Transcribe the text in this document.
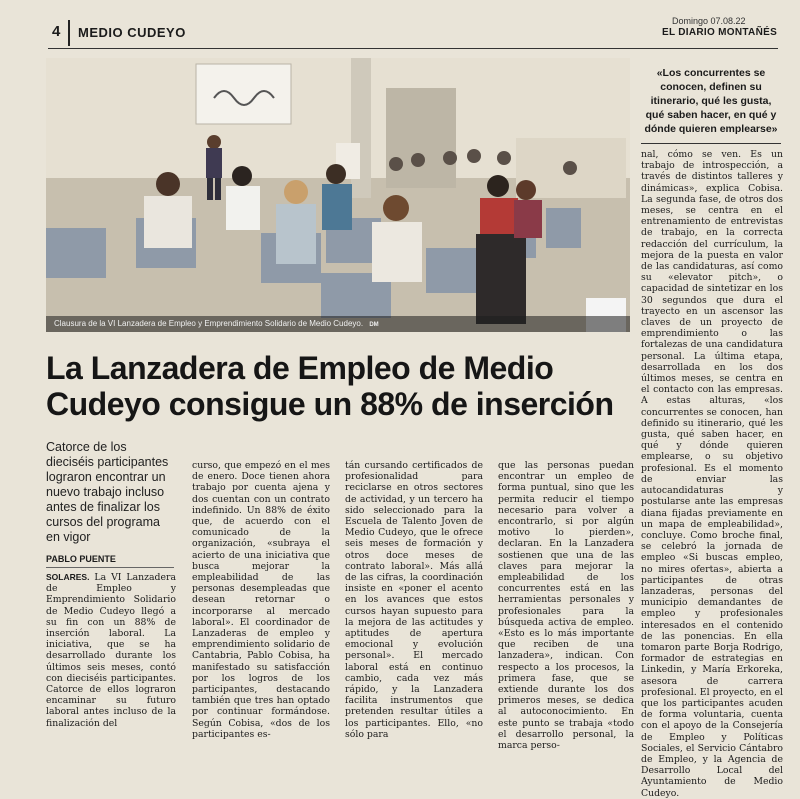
4 MEDIO CUDEYO
Domingo 07.08.22
EL DIARIO MONTAÑÉS
Clausura de la VI Lanzadera de Empleo y Emprendimiento Solidario de Medio Cudeyo. DM
«Los concurrentes se conocen, definen su itinerario, qué les gusta, qué saben hacer, en qué y dónde quieren emplearse»
La Lanzadera de Empleo de Medio Cudeyo consigue un 88% de inserción
Catorce de los dieciséis participantes lograron encontrar un nuevo trabajo incluso antes de finalizar los cursos del programa en vigor
PABLO PUENTE

SOLARES. La VI Lanzadera de Empleo y Emprendimiento Solidario de Medio Cudeyo llegó a su fin con un 88% de inserción laboral. La iniciativa, que se ha desarrollado durante los últimos seis meses, contó con dieciséis participantes. Catorce de ellos lograron encaminar su futuro laboral antes incluso de la finalización del

curso, que empezó en el mes de enero. Doce tienen ahora trabajo por cuenta ajena y dos cuentan con un contrato indefinido. Un 88% de éxito que, de acuerdo con el comunicado de la organización, «subraya el acierto de una iniciativa que busca mejorar la empleabilidad de las personas desempleadas que desean retornar o incorporarse al mercado laboral». El coordinador de Lanzaderas de empleo y emprendimiento solidario de Cantabria, Pablo Cobisa, ha manifestado su satisfacción por los logros de los participantes, destacando también que tres han optado por continuar formándose. Según Cobisa, «dos de los participantes es-

tán cursando certificados de profesionalidad para reciclarse en otros sectores de actividad, y un tercero ha sido seleccionado para la Escuela de Talento Joven de Medio Cudeyo, que le ofrece seis meses de formación y otros doce meses de contrato laboral». Más allá de las cifras, la coordinación insiste en «poner el acento en los avances que estos cursos hayan supuesto para la mejora de las actitudes y aptitudes de apertura emocional y evolución personal». El mercado laboral está en continuo cambio, cada vez más rápido, y la Lanzadera facilita instrumentos que pretenden resultar útiles a los participantes. Ello, «no sólo para

que las personas puedan encontrar un empleo de forma puntual, sino que les permita reducir el tiempo necesario para volver a encontrarlo, si por algún motivo lo pierden», declaran. En la Lanzadera sostienen que una de las claves para mejorar la empleabilidad de los concurrentes está en las herramientas personales y profesionales para la búsqueda activa de empleo. «Esto es lo más importante que reciben de una lanzadera», indican. Con respecto a los procesos, la primera fase, que se extiende durante los dos primeros meses, se dedica al autoconocimiento. En este punto se trabaja «todo el desarrollo personal, la marca perso-

nal, cómo se ven. Es un trabajo de introspección, a través de distintos talleres y dinámicas», explica Cobisa. La segunda fase, de otros dos meses, se centra en el entrenamiento de entrevistas de trabajo, en la correcta redacción del currículum, la mejora de la puesta en valor de las candidaturas, así como su «elevator pitch», o capacidad de sintetizar en los 30 segundos que dura el trayecto en un ascensor las claves de un proyecto de emprendimiento o las fortalezas de una candidatura personal. La última etapa, desarrollada en los dos últimos meses, se centra en el contacto con las empresas. A estas alturas, «los concurrentes se conocen, han definido su itinerario, qué les gusta, qué saben hacer, en qué y dónde quieren emplearse, o su objetivo profesional. Es el momento de enviar las autocandidaturas y postularse ante las empresas diana fijadas previamente en un mapa de empleabilidad», concluye. Como broche final, se celebró la jornada de empleo «Si buscas empleo, no mires ofertas», abierta a participantes de otras lanzaderas, personas del municipio demandantes de empleo y profesionales interesados en el contenido de las ponencias. En ella tomaron parte Borja Rodrigo, formador de estrategias en Linkedin, y María Erkoreka, asesora de carrera profesional. El proyecto, en el que los participantes acuden de forma voluntaria, cuenta con el apoyo de la Consejería de Empleo y Políticas Sociales, el Servicio Cántabro de Empleo, y la Agencia de Desarrollo Local del Ayuntamiento de Medio Cudeyo.
